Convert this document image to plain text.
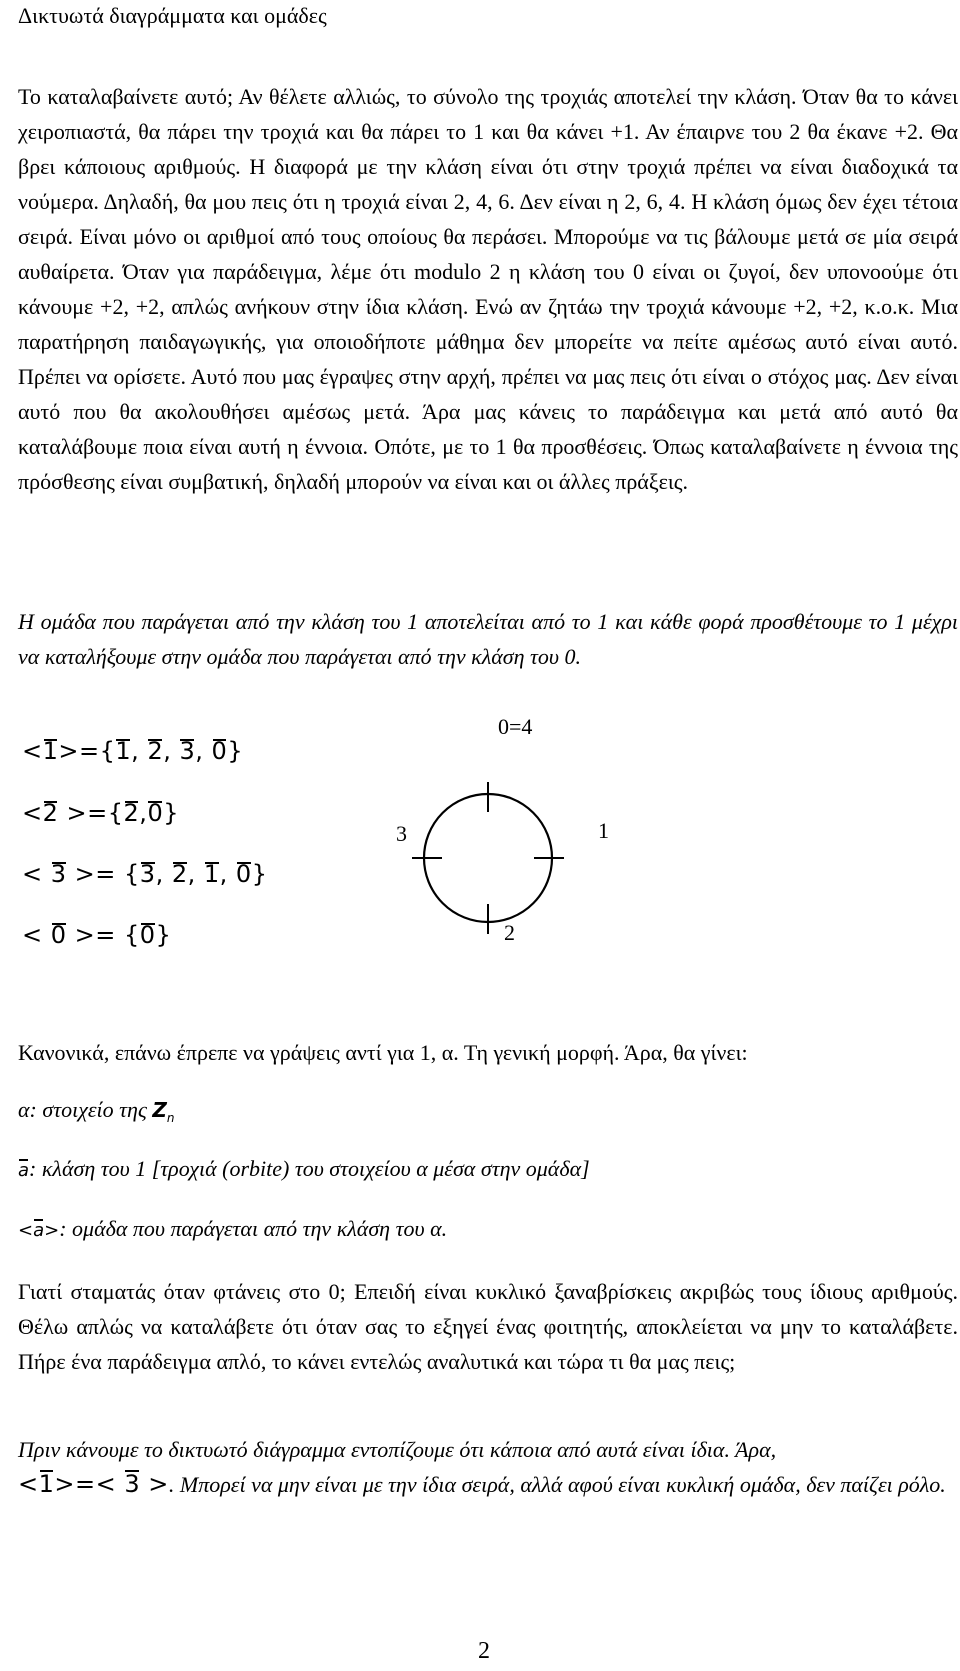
Δικτυωτά διαγράμματα και ομάδες

Το καταλαβαίνετε αυτό; Αν θέλετε αλλιώς, το σύνολο της τροχιάς αποτελεί την κλάση. Όταν θα το κάνει χειροπιαστά, θα πάρει την τροχιά και θα πάρει το 1 και θα κάνει +1. Αν έπαιρνε του 2 θα έκανε +2. Θα βρει κάποιους αριθμούς. Η διαφορά με την κλάση είναι ότι στην τροχιά πρέπει να είναι διαδοχικά τα νούμερα. Δηλαδή, θα μου πεις ότι η τροχιά είναι 2, 4, 6. Δεν είναι η 2, 6, 4. Η κλάση όμως δεν έχει τέτοια σειρά. Είναι μόνο οι αριθμοί από τους οποίους θα περάσει. Μπορούμε να τις βάλουμε μετά σε μία σειρά αυθαίρετα. Όταν για παράδειγμα, λέμε ότι modulo 2 η κλάση του 0 είναι οι ζυγοί, δεν υπονοούμε ότι κάνουμε +2, +2, απλώς ανήκουν στην ίδια κλάση. Ενώ αν ζητάω την τροχιά κάνουμε +2, +2, κ.ο.κ. Μια παρατήρηση παιδαγωγικής, για οποιοδήποτε μάθημα δεν μπορείτε να πείτε αμέσως αυτό είναι αυτό. Πρέπει να ορίσετε. Αυτό που μας έγραψες στην αρχή, πρέπει να μας πεις ότι είναι ο στόχος μας. Δεν είναι αυτό που θα ακολουθήσει αμέσως μετά. Άρα μας κάνεις το παράδειγμα και μετά από αυτό θα καταλάβουμε ποια είναι αυτή η έννοια. Οπότε, με το 1 θα προσθέσεις. Όπως καταλαβαίνετε η έννοια της πρόσθεσης είναι συμβατική, δηλαδή μπορούν να είναι και οι άλλες πράξεις.

Η ομάδα που παράγεται από την κλάση του 1 αποτελείται από το 1 και κάθε φορά προσθέτουμε το 1 μέχρι να καταλήξουμε στην ομάδα που παράγεται από την κλάση του 0.

<1>={1, 2, 3, 0}
<2 >={2,0}
< 3 >= {3, 2, 1, 0}
< 0 >= {0}
0=4
1
2
3
Κανονικά, επάνω έπρεπε να γράψεις αντί για 1, α. Τη γενική μορφή. Άρα, θα γίνει:
α: στοιχείο της $Z_n$
a: κλάση του 1 [τροχιά (orbite) του στοιχείου α μέσα στην ομάδα]
<a>: ομάδα που παράγεται από την κλάση του α.

Γιατί σταματάς όταν φτάνεις στο 0; Επειδή είναι κυκλικό ξαναβρίσκεις ακριβώς τους ίδιους αριθμούς. Θέλω απλώς να καταλάβετε ότι όταν σας το εξηγεί ένας φοιτητής, αποκλείεται να μην το καταλάβετε. Πήρε ένα παράδειγμα απλό, το κάνει εντελώς αναλυτικά και τώρα τι θα μας πεις;

Πριν κάνουμε το δικτυωτό διάγραμμα εντοπίζουμε ότι κάποια από αυτά είναι ίδια. Άρα,
<1>=< 3 >. Μπορεί να μην είναι με την ίδια σειρά, αλλά αφού είναι κυκλική ομάδα, δεν παίζει ρόλο.

2
